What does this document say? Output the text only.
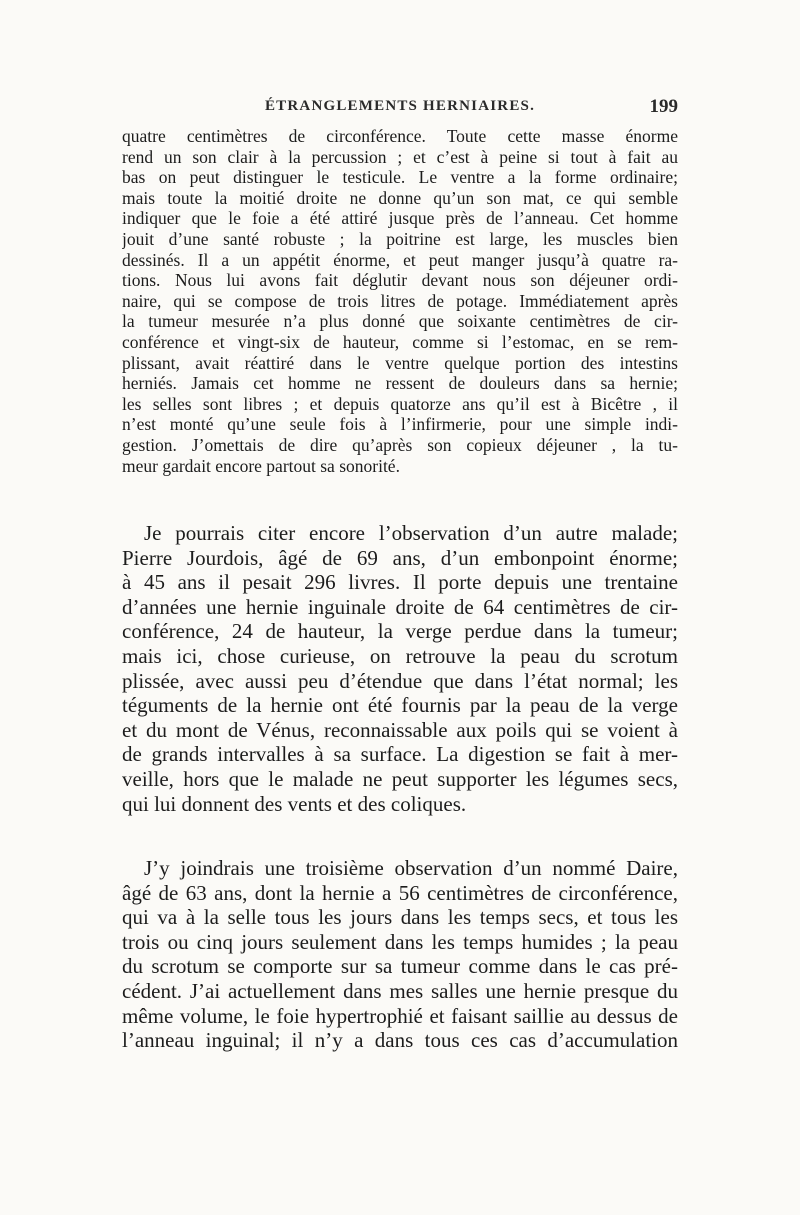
ÉTRANGLEMENTS HERNIAIRES.	199
quatre centimètres de circonférence. Toute cette masse énorme
rend un son clair à la percussion ; et c’est à peine si tout à fait au
bas on peut distinguer le testicule. Le ventre a la forme ordinaire;
mais toute la moitié droite ne donne qu’un son mat, ce qui semble
indiquer que le foie a été attiré jusque près de l’anneau. Cet homme
jouit d’une santé robuste ; la poitrine est large, les muscles bien
dessinés. Il a un appétit énorme, et peut manger jusqu’à quatre ra-
tions. Nous lui avons fait déglutir devant nous son déjeuner ordi-
naire, qui se compose de trois litres de potage. Immédiatement après
la tumeur mesurée n’a plus donné que soixante centimètres de cir-
conférence et vingt-six de hauteur, comme si l’estomac, en se rem-
plissant, avait réattiré dans le ventre quelque portion des intestins
herniés. Jamais cet homme ne ressent de douleurs dans sa hernie;
les selles sont libres ; et depuis quatorze ans qu’il est à Bicêtre , il
n’est monté qu’une seule fois à l’infirmerie, pour une simple indi-
gestion. J’omettais de dire qu’après son copieux déjeuner , la tu-
meur gardait encore partout sa sonorité.
Je pourrais citer encore l’observation d’un autre malade;
Pierre Jourdois, âgé de 69 ans, d’un embonpoint énorme;
à 45 ans il pesait 296 livres. Il porte depuis une trentaine
d’années une hernie inguinale droite de 64 centimètres de cir-
conférence, 24 de hauteur, la verge perdue dans la tumeur;
mais ici, chose curieuse, on retrouve la peau du scrotum
plissée, avec aussi peu d’étendue que dans l’état normal; les
téguments de la hernie ont été fournis par la peau de la verge
et du mont de Vénus, reconnaissable aux poils qui se voient à
de grands intervalles à sa surface. La digestion se fait à mer-
veille, hors que le malade ne peut supporter les légumes secs,
qui lui donnent des vents et des coliques.
J’y joindrais une troisième observation d’un nommé Daire,
âgé de 63 ans, dont la hernie a 56 centimètres de circonférence,
qui va à la selle tous les jours dans les temps secs, et tous les
trois ou cinq jours seulement dans les temps humides ; la peau
du scrotum se comporte sur sa tumeur comme dans le cas pré-
cédent. J’ai actuellement dans mes salles une hernie presque du
même volume, le foie hypertrophié et faisant saillie au dessus de
l’anneau inguinal; il n’y a dans tous ces cas d’accumulation
